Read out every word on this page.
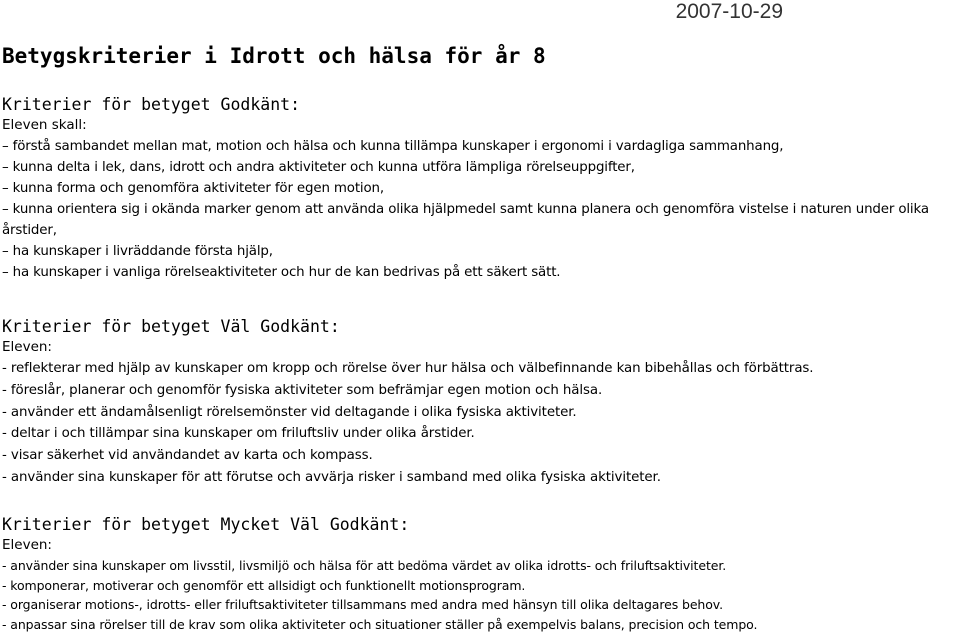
2007-10-29
Betygskriterier i Idrott och hälsa för år 8
Kriterier för betyget Godkänt:
Eleven skall:
– förstå sambandet mellan mat, motion och hälsa och kunna tillämpa kunskaper i ergonomi i vardagliga sammanhang,
– kunna delta i lek, dans, idrott och andra aktiviteter och kunna utföra lämpliga rörelseuppgifter,
– kunna forma och genomföra aktiviteter för egen motion,
– kunna orientera sig i okända marker genom att använda olika hjälpmedel samt kunna planera och genomföra vistelse i naturen under olika årstider,
– ha kunskaper i livräddande första hjälp,
– ha kunskaper i vanliga rörelseaktiviteter och hur de kan bedrivas på ett säkert sätt.
Kriterier för betyget Väl Godkänt:
Eleven:
- reflekterar med hjälp av kunskaper om kropp och rörelse över hur hälsa och välbefinnande kan bibehållas och förbättras.
- föreslår, planerar och genomför fysiska aktiviteter som befrämjar egen motion och hälsa.
- använder ett ändamålsenligt rörelsemönster vid deltagande i olika fysiska aktiviteter.
- deltar i och tillämpar sina kunskaper om friluftsliv under olika årstider.
- visar säkerhet vid användandet av karta och kompass.
- använder sina kunskaper för att förutse och avvärja risker i samband med olika fysiska aktiviteter.
Kriterier för betyget Mycket Väl Godkänt:
Eleven:
- använder sina kunskaper om livsstil, livsmiljö och hälsa för att bedöma värdet av olika idrotts- och friluftsaktiviteter.
- komponerar, motiverar och genomför ett allsidigt och funktionellt motionsprogram.
- organiserar motions-, idrotts- eller friluftsaktiviteter tillsammans med andra med hänsyn till olika deltagares behov.
- anpassar sina rörelser till de krav som olika aktiviteter och situationer ställer på exempelvis balans, precision och tempo.
